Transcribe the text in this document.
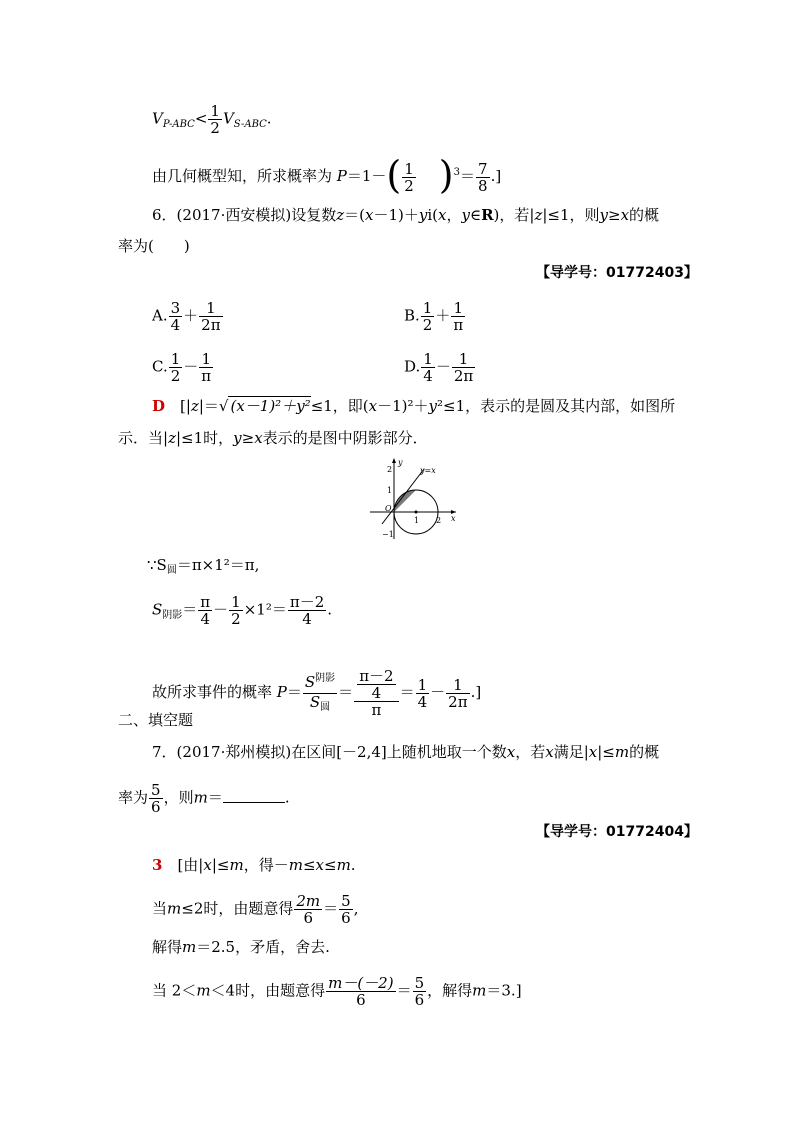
$V_{P-ABC}< \frac{1}{2} V_{S-ABC}$.
由几何概型知，所求概率为 $P=1-( \frac{1}{2} )^3= \frac{7}{8}$ .]
6．(2017·西安模拟)设复数z＝(x－1)＋yi(x，y∈R)，若|z|≤1，则y≥x的概
率为(　　)
【导学号：01772403】
A. $\frac{3}{4} + \frac{1}{2\pi}$	B. $\frac{1}{2} + \frac{1}{\pi}$
C. $\frac{1}{2} - \frac{1}{\pi}$	D. $\frac{1}{4} - \frac{1}{2\pi}$
D　 [|z|＝√ (x－1)²＋y²≤1，即(x－1)²＋y²≤1，表示的是圆及其内部，如图所
示．当|z|≤1时，y≥x表示的是图中阴影部分．
y
x
y=x
O
2
1
−1
1 2
$\because S_圆=\pi\times 1^2=\pi$,
$S_{阴影}= \frac{\pi}{4} - \frac{1}{2} \times 1^2= \frac{\pi-2}{4}$ .
故所求事件的概率 $P= \frac{S^{阴影}}{S_圆} = \frac{\frac{\pi-2}{4}}{\pi} = \frac{1}{4} - \frac{1}{2\pi}$ .]
二、填空题
7．(2017·郑州模拟)在区间[－2,4]上随机地取一个数x，若x满足|x|≤m的概
率为 $\frac{5}{6}$ ，则m＝	.
【导学号：01772404】
3　 [由|x|≤m，得－m≤x≤m.
当m≤2时，由题意得 $\frac{2m}{6} = \frac{5}{6}$ ,
解得m＝2.5，矛盾，舍去.
当 2＜m＜4时，由题意得 $\frac{m-(-2)}{6} = \frac{5}{6}$ ，解得m＝3.]
